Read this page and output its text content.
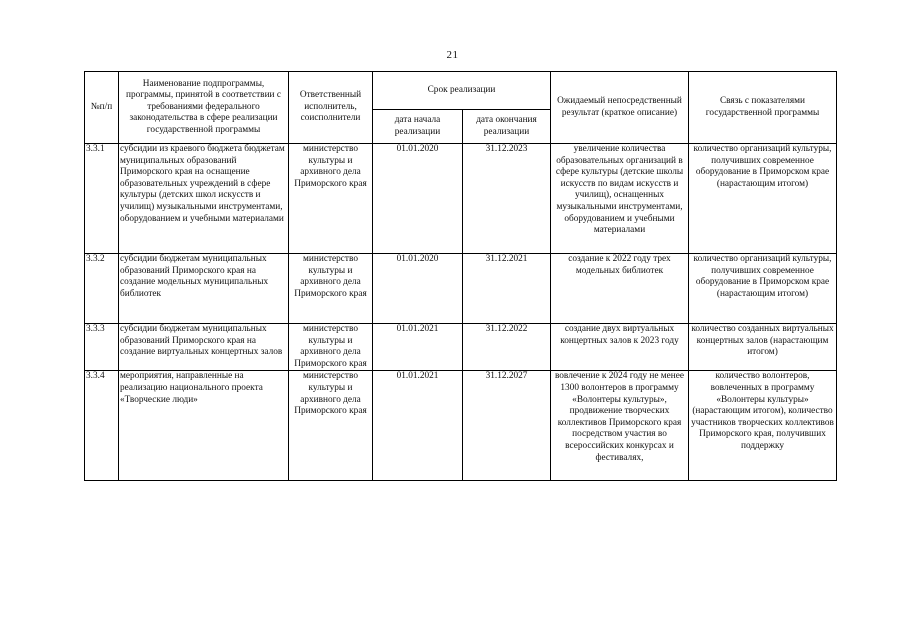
21
№п/п	Наименование подпрограммы, программы, принятой в соответствии с требованиями федерального законодательства в сфере реализации государственной программы	Ответственный исполнитель, соисполнители	Срок реализации		Ожидаемый непосредственный результат (краткое описание)	Связь с показателями государственной программы
			дата начала реализации	дата окончания реализации		
3.3.1	субсидии из краевого бюджета бюджетам муниципальных образований Приморского края на оснащение образовательных учреждений в сфере культуры (детских школ искусств и училищ) музыкальными инструментами, оборудованием и учебными материалами	министерство культуры и архивного дела Приморского края	01.01.2020	31.12.2023	увеличение количества образовательных организаций в сфере культуры (детские школы искусств по видам искусств и училищ), оснащенных музыкальными инструментами, оборудованием и учебными материалами	количество организаций культуры, получивших современное оборудование в Приморском крае (нарастающим итогом)
3.3.2	субсидии бюджетам муниципальных образований Приморского края на создание модельных муниципальных библиотек	министерство культуры и архивного дела Приморского края	01.01.2020	31.12.2021	создание к 2022 году трех модельных библиотек	количество организаций культуры, получивших современное оборудование в Приморском крае (нарастающим итогом)
3.3.3	субсидии бюджетам муниципальных образований Приморского края на создание виртуальных концертных залов	министерство культуры и архивного дела Приморского края	01.01.2021	31.12.2022	создание двух виртуальных концертных залов к 2023 году	количество созданных виртуальных концертных залов (нарастающим итогом)
3.3.4	мероприятия, направленные на реализацию национального проекта «Творческие люди»	министерство культуры и архивного дела Приморского края	01.01.2021	31.12.2027	вовлечение к 2024 году не менее 1300 волонтеров в программу «Волонтеры культуры», продвижение творческих коллективов Приморского края посредством участия во всероссийских конкурсах и фестивалях,	количество волонтеров, вовлеченных в программу «Волонтеры культуры» (нарастающим итогом), количество участников творческих коллективов Приморского края, получивших поддержку
